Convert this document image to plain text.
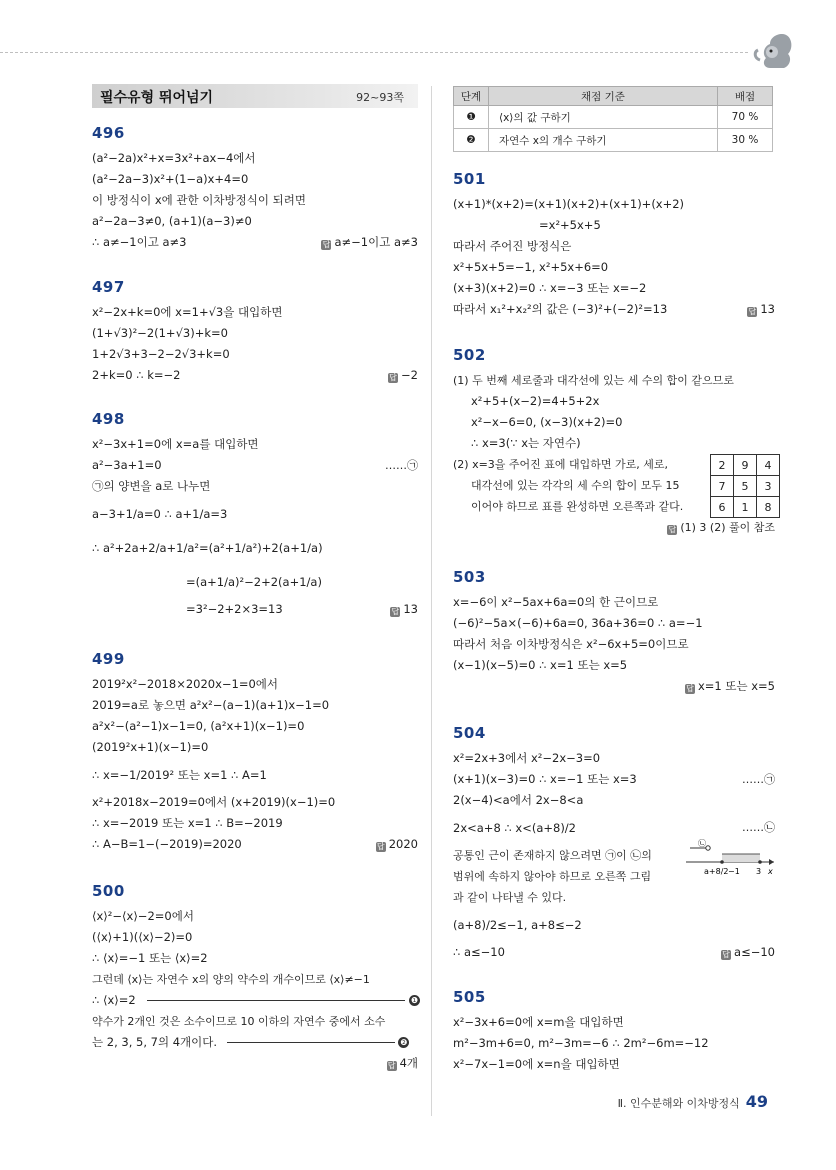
필수유형 뛰어넘기	92~93쪽
496
(a²−2a)x²+x=3x²+ax−4에서
(a²−2a−3)x²+(1−a)x+4=0
이 방정식이 x에 관한 이차방정식이 되려면
a²−2a−3≠0, (a+1)(a−3)≠0
∴ a≠−1이고 a≠3	답 a≠−1이고 a≠3
497
x²−2x+k=0에 x=1+√3을 대입하면
(1+√3)²−2(1+√3)+k=0
1+2√3+3−2−2√3+k=0
2+k=0 ∴ k=−2	답 −2
498
x²−3x+1=0에 x=a를 대입하면
a²−3a+1=0	……㉠
㉠의 양변을 a로 나누면
a−3+1/a=0 ∴ a+1/a=3
∴ a²+2a+2/a+1/a²=(a²+1/a²)+2(a+1/a)
=(a+1/a)²−2+2(a+1/a)
=3²−2+2×3=13	답 13
499
2019²x²−2018×2020x−1=0에서
2019=a로 놓으면 a²x²−(a−1)(a+1)x−1=0
a²x²−(a²−1)x−1=0, (a²x+1)(x−1)=0
(2019²x+1)(x−1)=0
∴ x=−1/2019² 또는 x=1 ∴ A=1
x²+2018x−2019=0에서 (x+2019)(x−1)=0
∴ x=−2019 또는 x=1 ∴ B=−2019
∴ A−B=1−(−2019)=2020	답 2020
500
⟨x⟩²−⟨x⟩−2=0에서
(⟨x⟩+1)(⟨x⟩−2)=0
∴ ⟨x⟩=−1 또는 ⟨x⟩=2
그런데 ⟨x⟩는 자연수 x의 양의 약수의 개수이므로 ⟨x⟩≠−1
∴ ⟨x⟩=2	❶
약수가 2개인 것은 소수이므로 10 이하의 자연수 중에서 소수
는 2, 3, 5, 7의 4개이다.	❷
답 4개
단계	채점 기준	배점
❶	⟨x⟩의 값 구하기	70 %
❷	자연수 x의 개수 구하기	30 %
501
(x+1)*(x+2)=(x+1)(x+2)+(x+1)+(x+2)
=x²+5x+5
따라서 주어진 방정식은
x²+5x+5=−1, x²+5x+6=0
(x+3)(x+2)=0 ∴ x=−3 또는 x=−2
따라서 x₁²+x₂²의 값은 (−3)²+(−2)²=13	답 13
502
(1) 두 번째 세로줄과 대각선에 있는 세 수의 합이 같으므로
x²+5+(x−2)=4+5+2x
x²−x−6=0, (x−3)(x+2)=0
∴ x=3(∵ x는 자연수)
(2) x=3을 주어진 표에 대입하면 가로, 세로,
대각선에 있는 각각의 세 수의 합이 모두 15
이어야 하므로 표를 완성하면 오른쪽과 같다.
답 (1) 3 (2) 풀이 참조
2	9	4
7	5	3
6	1	8
503
x=−6이 x²−5ax+6a=0의 한 근이므로
(−6)²−5a×(−6)+6a=0, 36a+36=0 ∴ a=−1
따라서 처음 이차방정식은 x²−6x+5=0이므로
(x−1)(x−5)=0 ∴ x=1 또는 x=5
답 x=1 또는 x=5
504
x²=2x+3에서 x²−2x−3=0
(x+1)(x−3)=0 ∴ x=−1 또는 x=3	……㉠
2(x−4)<a에서 2x−8<a
2x<a+8 ∴ x<(a+8)/2	……㉡
공통인 근이 존재하지 않으려면 ㉠이 ㉡의
범위에 속하지 않아야 하므로 오른쪽 그림
과 같이 나타낼 수 있다.
(a+8)/2≤−1, a+8≤−2
∴ a≤−10	답 a≤−10
㉡
a+8/2 −1 3 x
505
x²−3x+6=0에 x=m을 대입하면
m²−3m+6=0, m²−3m=−6 ∴ 2m²−6m=−12
x²−7x−1=0에 x=n을 대입하면
Ⅱ. 인수분해와 이차방정식 49
